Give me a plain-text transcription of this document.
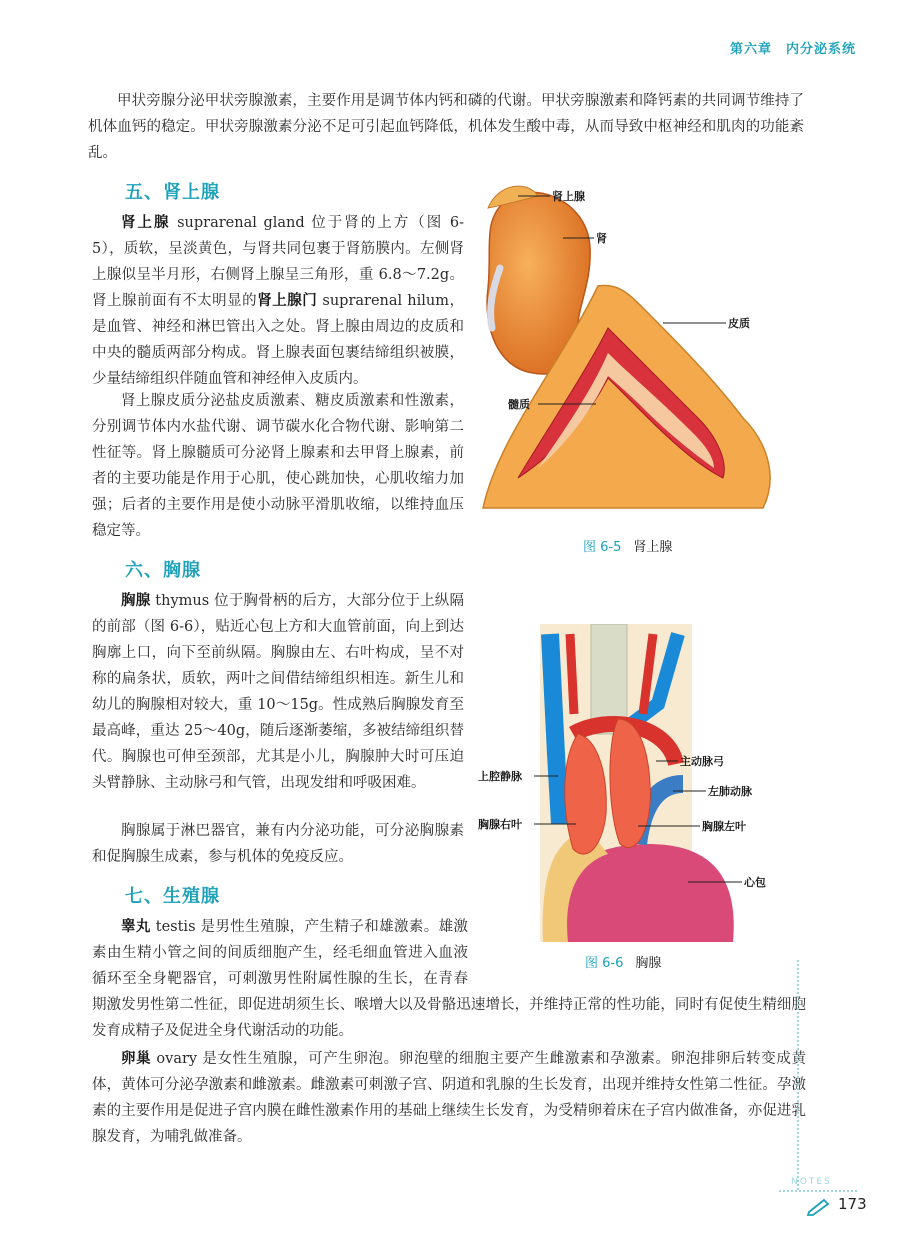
第六章　内分泌系统

甲状旁腺分泌甲状旁腺激素，主要作用是调节体内钙和磷的代谢。甲状旁腺激素和降钙素的共同调节维持了机体血钙的稳定。甲状旁腺激素分泌不足可引起血钙降低，机体发生酸中毒，从而导致中枢神经和肌肉的功能紊乱。

五、肾上腺

肾上腺 suprarenal gland 位于肾的上方（图 6-5），质软，呈淡黄色，与肾共同包裹于肾筋膜内。左侧肾上腺似呈半月形，右侧肾上腺呈三角形，重 6.8～7.2g。肾上腺前面有不太明显的肾上腺门 suprarenal hilum，是血管、神经和淋巴管出入之处。肾上腺由周边的皮质和中央的髓质两部分构成。肾上腺表面包裹结缔组织被膜，少量结缔组织伴随血管和神经伸入皮质内。

肾上腺皮质分泌盐皮质激素、糖皮质激素和性激素，分别调节体内水盐代谢、调节碳水化合物代谢、影响第二性征等。肾上腺髓质可分泌肾上腺素和去甲肾上腺素，前者的主要功能是作用于心肌，使心跳加快，心肌收缩力加强；后者的主要作用是使小动脉平滑肌收缩，以维持血压稳定等。

六、胸腺

胸腺 thymus 位于胸骨柄的后方，大部分位于上纵隔的前部（图 6-6），贴近心包上方和大血管前面，向上到达胸廓上口，向下至前纵隔。胸腺由左、右叶构成，呈不对称的扁条状，质软，两叶之间借结缔组织相连。新生儿和幼儿的胸腺相对较大，重 10～15g。性成熟后胸腺发育至最高峰，重达 25～40g，随后逐渐萎缩，多被结缔组织替代。胸腺也可伸至颈部，尤其是小儿，胸腺肿大时可压迫头臂静脉、主动脉弓和气管，出现发绀和呼吸困难。

胸腺属于淋巴器官，兼有内分泌功能，可分泌胸腺素和促胸腺生成素，参与机体的免疫反应。

七、生殖腺

睾丸 testis 是男性生殖腺，产生精子和雄激素。雄激素由生精小管之间的间质细胞产生，经毛细血管进入血液循环至全身靶器官，可刺激男性附属性腺的生长，在青春期激发男性第二性征，即促进胡须生长、喉增大以及骨骼迅速增长，并维持正常的性功能，同时有促使生精细胞发育成精子及促进全身代谢活动的功能。

卵巢 ovary 是女性生殖腺，可产生卵泡。卵泡壁的细胞主要产生雌激素和孕激素。卵泡排卵后转变成黄体，黄体可分泌孕激素和雌激素。雌激素可刺激子宫、阴道和乳腺的生长发育，出现并维持女性第二性征。孕激素的主要作用是促进子宫内膜在雌性激素作用的基础上继续生长发育，为受精卵着床在子宫内做准备，亦促进乳腺发育，为哺乳做准备。

肾上腺
肾
皮质
髓质
图 6-5 肾上腺
上腔静脉
主动脉弓
左肺动脉
胸腺右叶	胸腺左叶
心包
图 6-6 胸腺
NOTES
173
